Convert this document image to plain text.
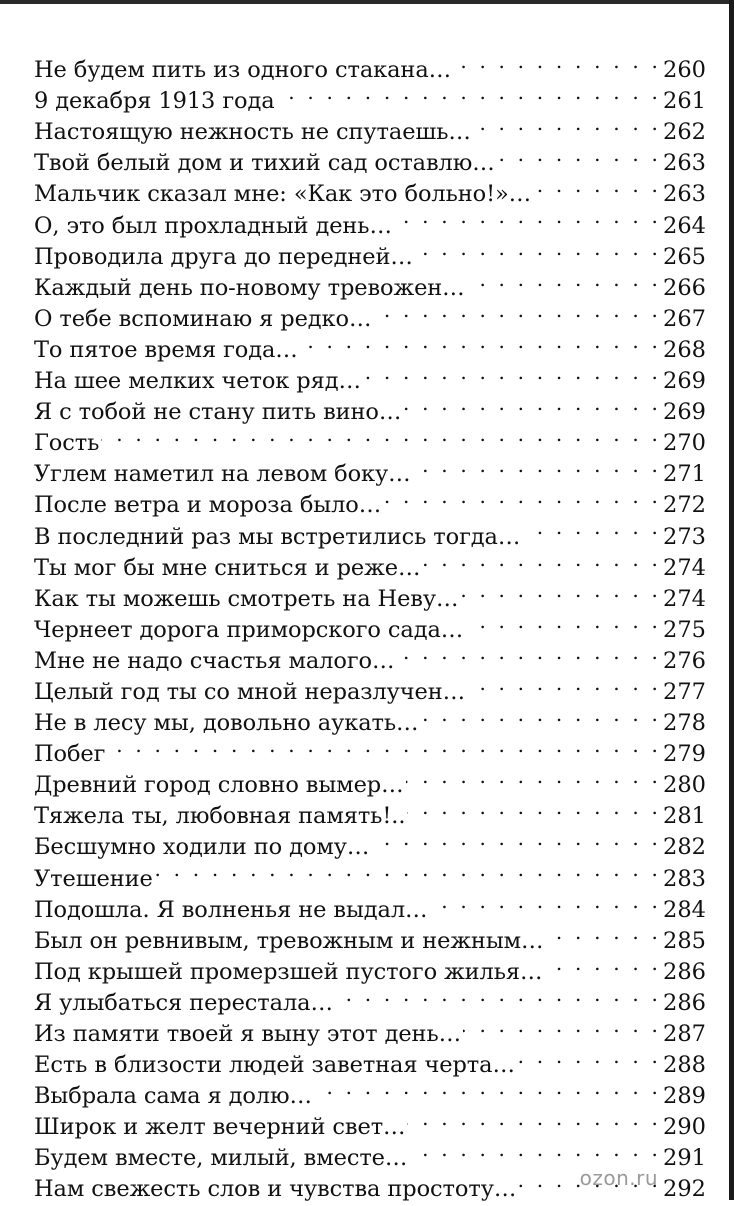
Не будем пить из одного стакана… . . .	260
9 декабря 1913 года . . .	261
Настоящую нежность не спутаешь… . . .	262
Твой белый дом и тихий сад оставлю… . . .	263
Мальчик сказал мне: «Как это больно!»… . . .	263
О, это был прохладный день… . . .	264
Проводила друга до передней… . . .	265
Каждый день по-новому тревожен… . . .	266
О тебе вспоминаю я редко… . . .	267
То пятое время года… . . .	268
На шее мелких четок ряд… . . .	269
Я с тобой не стану пить вино… . . .	269
Гость . . .	270
Углем наметил на левом боку… . . .	271
После ветра и мороза было… . . .	272
В последний раз мы встретились тогда… . . .	273
Ты мог бы мне сниться и реже… . . .	274
Как ты можешь смотреть на Неву… . . .	274
Чернеет дорога приморского сада… . . .	275
Мне не надо счастья малого… . . .	276
Целый год ты со мной неразлучен… . . .	277
Не в лесу мы, довольно аукать… . . .	278
Побег . . .	279
Древний город словно вымер… . . .	280
Тяжела ты, любовная память!.. . . .	281
Бесшумно ходили по дому… . . .	282
Утешение . . .	283
Подошла. Я волненья не выдал… . . .	284
Был он ревнивым, тревожным и нежным… . . .	285
Под крышей промерзшей пустого жилья… . . .	286
Я улыбаться перестала… . . .	286
Из памяти твоей я выну этот день… . . .	287
Есть в близости людей заветная черта… . . .	288
Выбрала сама я долю… . . .	289
Широк и желт вечерний свет… . . .	290
Будем вместе, милый, вместе… . . .	291
Нам свежесть слов и чувства простоту… . . .	292
ozon.ru
